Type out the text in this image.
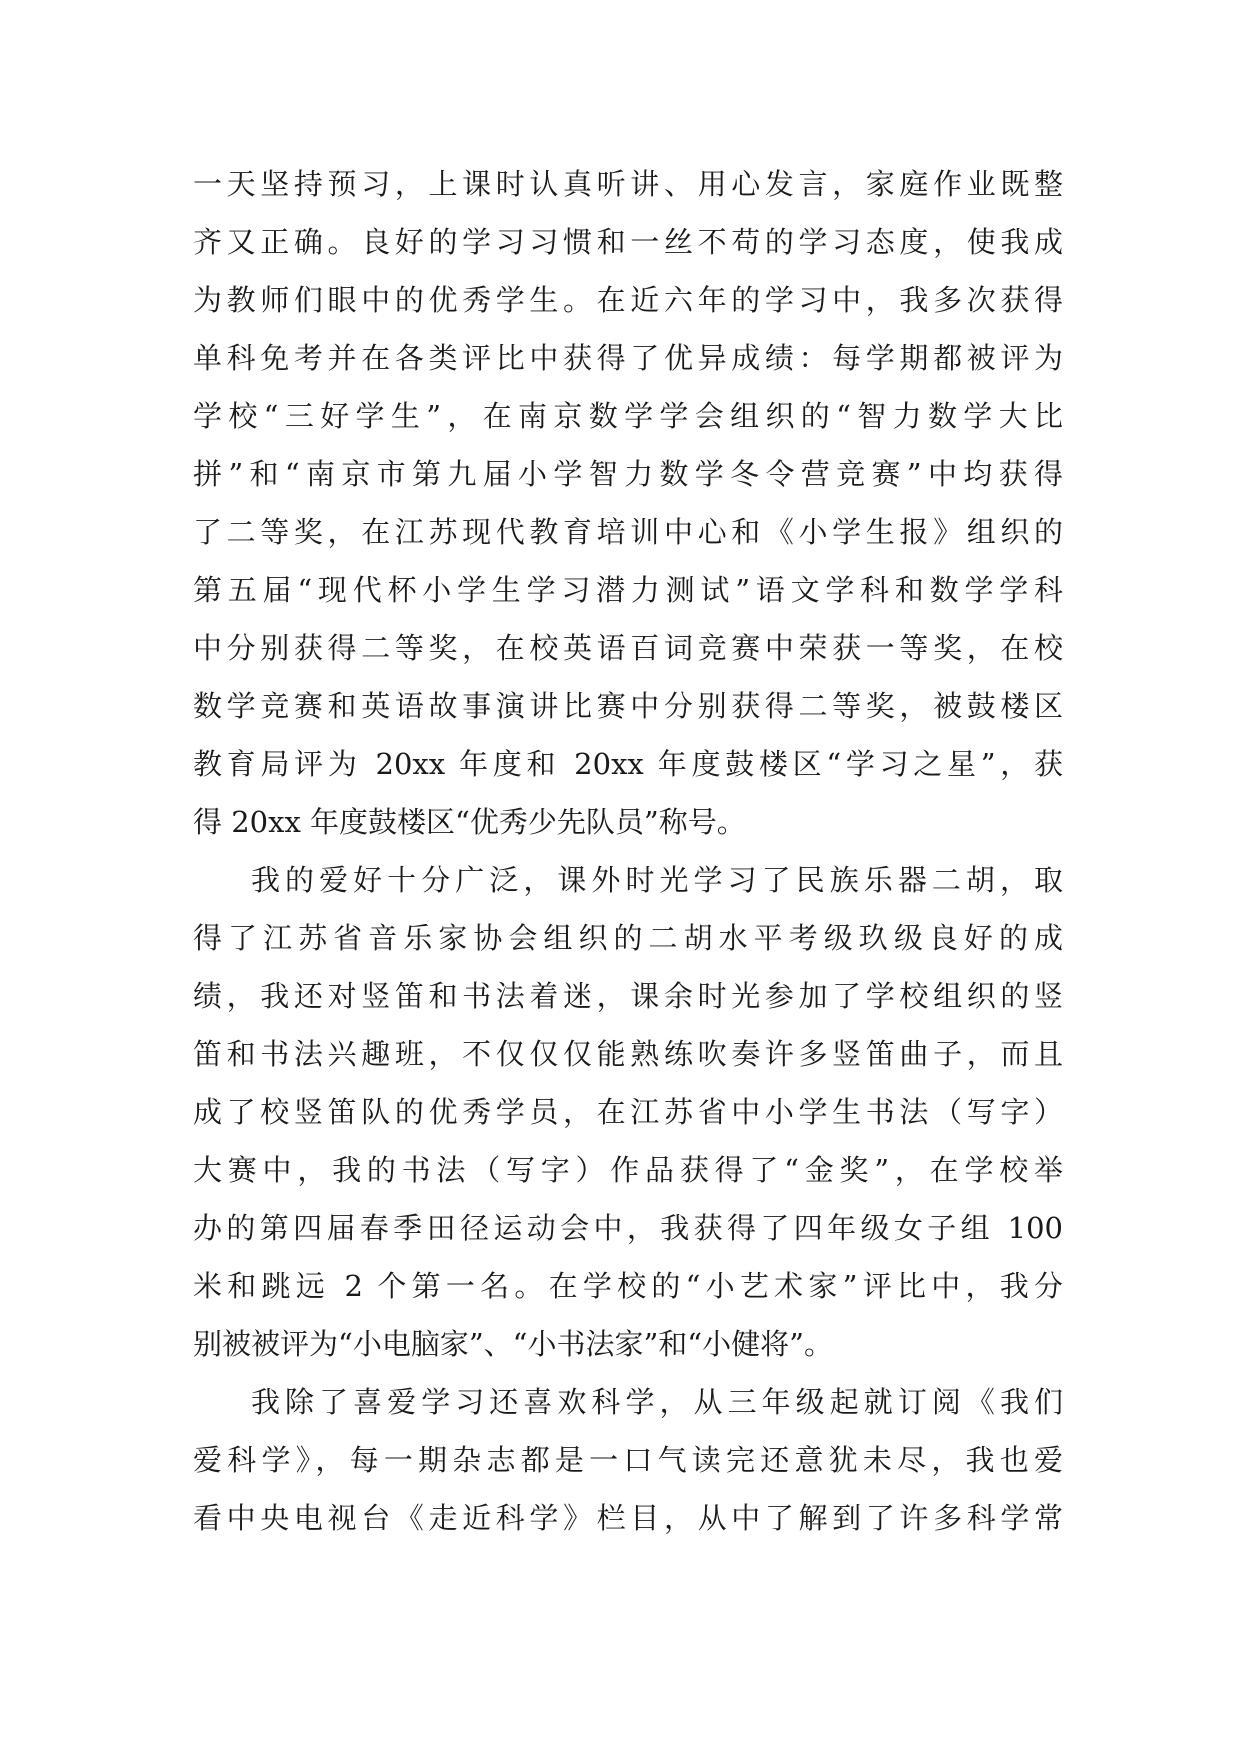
一天坚持预习，上课时认真听讲、用心发言，家庭作业既整
齐又正确。良好的学习习惯和一丝不苟的学习态度，使我成
为教师们眼中的优秀学生。在近六年的学习中，我多次获得
单科免考并在各类评比中获得了优异成绩：每学期都被评为
学校“三好学生”，在南京数学学会组织的“智力数学大比
拼”和“南京市第九届小学智力数学冬令营竞赛”中均获得
了二等奖，在江苏现代教育培训中心和《小学生报》组织的
第五届“现代杯小学生学习潜力测试”语文学科和数学学科
中分别获得二等奖，在校英语百词竞赛中荣获一等奖，在校
数学竞赛和英语故事演讲比赛中分别获得二等奖，被鼓楼区
教育局评为 20xx 年度和 20xx 年度鼓楼区“学习之星”，获
得 20xx 年度鼓楼区“优秀少先队员”称号。
我的爱好十分广泛，课外时光学习了民族乐器二胡，取
得了江苏省音乐家协会组织的二胡水平考级玖级良好的成
绩，我还对竖笛和书法着迷，课余时光参加了学校组织的竖
笛和书法兴趣班，不仅仅仅能熟练吹奏许多竖笛曲子，而且
成了校竖笛队的优秀学员，在江苏省中小学生书法（写字）
大赛中，我的书法（写字）作品获得了“金奖”，在学校举
办的第四届春季田径运动会中，我获得了四年级女子组 100
米和跳远 2 个第一名。在学校的“小艺术家”评比中，我分
别被被评为“小电脑家”、“小书法家”和“小健将”。
我除了喜爱学习还喜欢科学，从三年级起就订阅《我们
爱科学》，每一期杂志都是一口气读完还意犹未尽，我也爱
看中央电视台《走近科学》栏目，从中了解到了许多科学常
